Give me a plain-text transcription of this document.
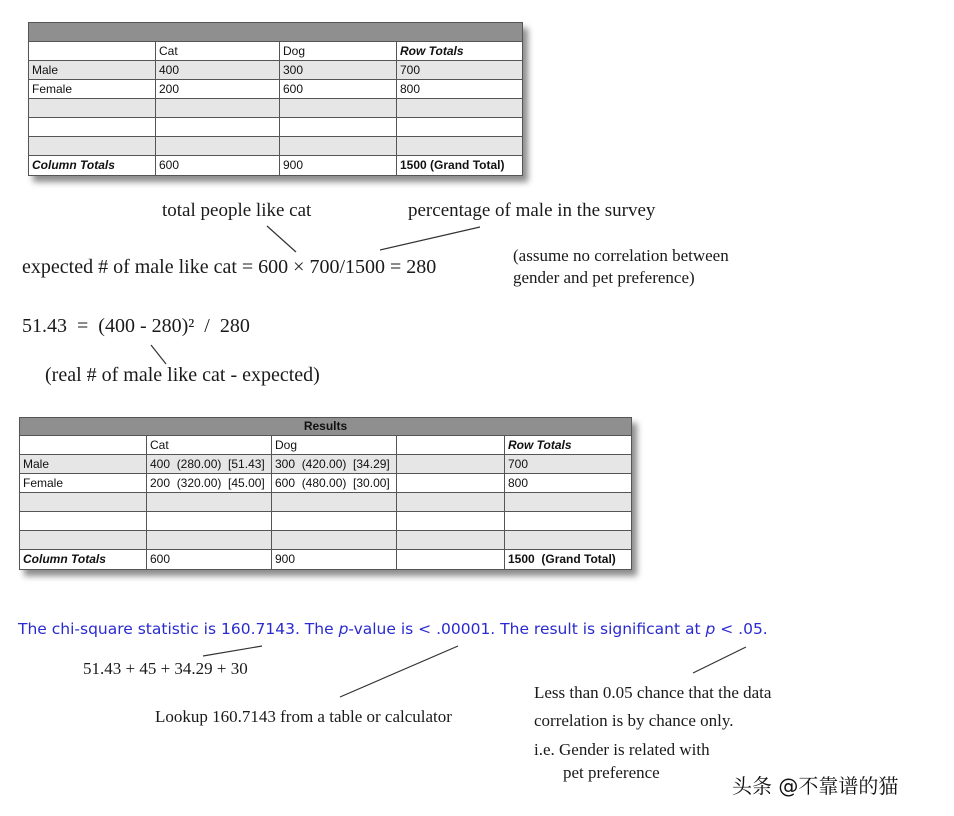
	Cat	Dog	Row Totals
Male	400	300	700
Female	200	600	800

Column Totals	600	900	1500 (Grand Total)
total people like cat	percentage of male in the survey
expected # of male like cat = 600 × 700/1500 = 280
(assume no correlation between
gender and pet preference)
51.43  =  (400 - 280)²  /  280
(real # of male like cat - expected)
Results				
	Cat	Dog		Row Totals
Male	400  (280.00)  [51.43]	300  (420.00)  [34.29]		700
Female	200  (320.00)  [45.00]	600  (480.00)  [30.00]		800

Column Totals	600	900		1500  (Grand Total)
The chi-square statistic is 160.7143. The p-value is < .00001. The result is significant at p < .05.
51.43 + 45 + 34.29 + 30
Lookup 160.7143 from a table or calculator
Less than 0.05 chance that the data
correlation is by chance only.
i.e. Gender is related with
pet preference
头条 @不靠谱的猫
